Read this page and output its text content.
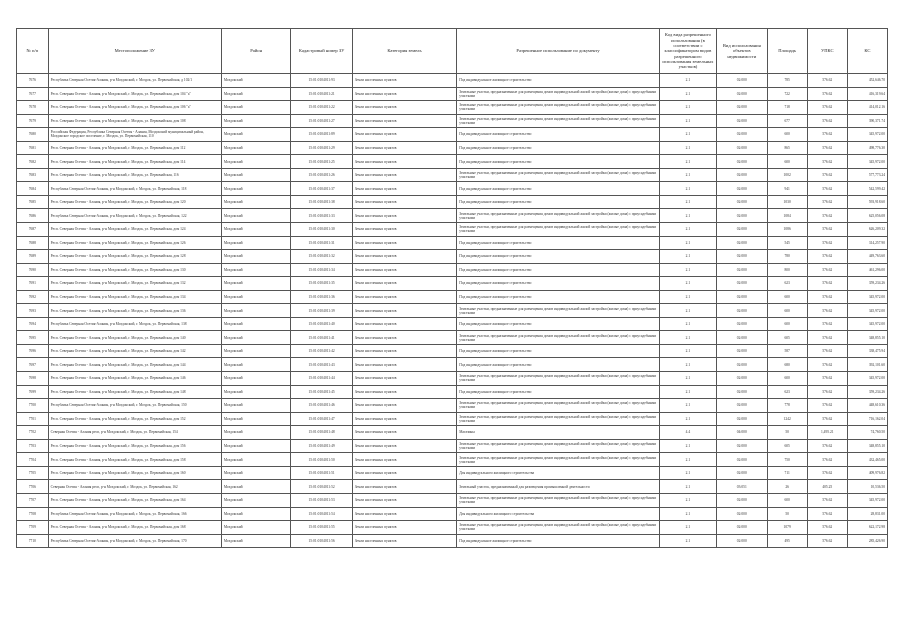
№ п/п	Местоположение ЗУ	Район	Кадастровый номер ЗУ	Категория земель	Разрешенное использование по документу	Код вида разрешенного использования (в соответствии с классификатором видов разрешенного использования земельных участков)	Вид использования объектов недвижимости	Площадь	УПКС	КС
7676	Республика Северная Осетия-Алания, р-н Моздокский, г. Моздок, ул. Первомайская, д 102/1	Моздокский	15:01:0104011:93	Земли населенных пунктов	Под индивидуальное жилищное строительство	2.1	02:000	785	576.62	452,646.70
7677	Респ. Северная Осетия - Алания, р-н Моздокский, г. Моздок, ул. Первомайская, дом 104 "а"	Моздокский	15:01:0104011:21	Земли населенных пунктов	Земельные участки, предназначенные для размещения домов индивидуальной жилой застройки (жилые дома) с приусадебными участками	2.1	02:000	722	576.62	416,319.64
7678	Респ. Северная Осетия - Алания, р-н Моздокский, г. Моздок, ул. Первомайская, дом 106 "а"	Моздокский	15:01:0104011:22	Земли населенных пунктов	Земельные участки, предназначенные для размещения домов индивидуальной жилой застройки (жилые дома) с приусадебными участками	2.1	02:000	718	576.62	414,012.16
7679	Респ. Северная Осетия - Алания, р-н Моздокский, г. Моздок, ул. Первомайская, дом 108	Моздокский	15:01:0104011:27	Земли населенных пунктов	Земельные участки, предназначенные для размещения домов индивидуальной жилой застройки (жилые дома) с приусадебными участками	2.1	02:000	677	576.62	390,371.74
7680	Российская Федерация, Республика Северная Осетия - Алания, Моздокский муниципальный район, Моздокское городское поселение, г. Моздок, ул. Первомайская, 110	Моздокский	15:01:0104011:89	Земли населенных пунктов	Под индивидуальное жилищное строительство	2.1	02:000	600	576.62	345,972.00
7681	Респ. Северная Осетия - Алания, р-н Моздокский, г. Моздок, ул. Первомайская, дом 112	Моздокский	15:01:0104011:29	Земли населенных пунктов	Под индивидуальное жилищное строительство	2.1	02:000	865	576.62	498,776.30
7682	Респ. Северная Осетия - Алания, р-н Моздокский, г. Моздок, ул. Первомайская, дом 114	Моздокский	15:01:0104011:25	Земли населенных пунктов	Под индивидуальное жилищное строительство	2.1	02:000	600	576.62	345,972.00
7683	Респ. Северная Осетия - Алания, р-н Моздокский, г. Моздок, ул. Первомайская, 116	Моздокский	15:01:0104011:26	Земли населенных пунктов	Земельные участки, предназначенные для размещения домов индивидуальной жилой застройки (жилые дома) с приусадебными участками	2.1	02:000	1002	576.62	577,773.24
7684	Республика Северная Осетия-Алания, р-н Моздокский, г. Моздок, ул. Первомайская, 118	Моздокский	15:01:0104011:37	Земли населенных пунктов	Под индивидуальное жилищное строительство	2.1	02:000	941	576.62	542,599.42
7685	Респ. Северная Осетия - Алания, р-н Моздокский, г. Моздок, ул. Первомайская, дом 120	Моздокский	15:01:0104011:38	Земли населенных пунктов	Под индивидуальное жилищное строительство	2.1	02:000	1030	576.62	593,918.60
7686	Республика Северная Осетия-Алания, р-н Моздокский, г. Моздок, ул. Первомайская, 122	Моздокский	15:01:0104011:33	Земли населенных пунктов	Земельные участки, предназначенные для размещения домов индивидуальной жилой застройки (жилые дома) с приусадебными участками	2.1	02:000	1084	576.62	625,056.08
7687	Респ. Северная Осетия - Алания, р-н Моздокский, г. Моздок, ул. Первомайская, дом 124	Моздокский	15:01:0104011:30	Земли населенных пунктов	Земельные участки, предназначенные для размещения домов индивидуальной жилой застройки (жилые дома) с приусадебными участками	2.1	02:000	1086	576.62	626,209.32
7688	Респ. Северная Осетия - Алания, р-н Моздокский, г. Моздок, ул. Первомайская, дом 126	Моздокский	15:01:0104011:31	Земли населенных пунктов	Под индивидуальное жилищное строительство	2.1	02:000	545	576.62	314,257.90
7689	Респ. Северная Осетия - Алания, р-н Моздокский, г. Моздок, ул. Первомайская, дом 128	Моздокский	15:01:0104011:32	Земли населенных пунктов	Под индивидуальное жилищное строительство	2.1	02:000	780	576.62	449,763.60
7690	Респ. Северная Осетия - Алания, р-н Моздокский, г. Моздок, ул. Первомайская, дом 130	Моздокский	15:01:0104011:34	Земли населенных пунктов	Под индивидуальное жилищное строительство	2.1	02:000	800	576.62	461,296.00
7691	Респ. Северная Осетия - Алания, р-н Моздокский, г. Моздок, ул. Первомайская, дом 132	Моздокский	15:01:0104011:35	Земли населенных пунктов	Под индивидуальное жилищное строительство	2.1	02:000	623	576.62	359,234.26
7692	Респ. Северная Осетия - Алания, р-н Моздокский, г. Моздок, ул. Первомайская, дом 134	Моздокский	15:01:0104011:36	Земли населенных пунктов	Под индивидуальное жилищное строительство	2.1	02:000	600	576.62	345,972.00
7693	Респ. Северная Осетия - Алания, р-н Моздокский, г. Моздок, ул. Первомайская, дом 136	Моздокский	15:01:0104011:39	Земли населенных пунктов	Земельные участки, предназначенные для размещения домов индивидуальной жилой застройки (жилые дома) с приусадебными участками	2.1	02:000	600	576.62	345,972.00
7694	Республика Северная Осетия-Алания, р-н Моздокский, г. Моздок, ул. Первомайская, 138	Моздокский	15:01:0104011:40	Земли населенных пунктов	Под индивидуальное жилищное строительство	2.1	02:000	600	576.62	345,972.00
7695	Респ. Северная Осетия - Алания, р-н Моздокский, г. Моздок, ул. Первомайская, дом 140	Моздокский	15:01:0104011:41	Земли населенных пунктов	Земельные участки, предназначенные для размещения домов индивидуальной жилой застройки (жилые дома) с приусадебными участками	2.1	02:000	605	576.62	348,855.10
7696	Респ. Северная Осетия - Алания, р-н Моздокский, г. Моздок, ул. Первомайская, дом 142	Моздокский	15:01:0104011:42	Земли населенных пунктов	Под индивидуальное жилищное строительство	2.1	02:000	587	576.62	338,475.94
7697	Респ. Северная Осетия - Алания, р-н Моздокский, г. Моздок, ул. Первомайская, дом 144	Моздокский	15:01:0104011:43	Земли населенных пунктов	Под индивидуальное жилищное строительство	2.1	02:000	680	576.62	392,101.60
7698	Респ. Северная Осетия - Алания, р-н Моздокский, г. Моздок, ул. Первомайская, дом 146	Моздокский	15:01:0104011:44	Земли населенных пунктов	Земельные участки, предназначенные для размещения домов индивидуальной жилой застройки (жилые дома) с приусадебными участками	2.1	02:000	600	576.62	345,972.00
7699	Респ. Северная Осетия - Алания, р-н Моздокский, г. Моздок, ул. Первомайская, дом 148	Моздокский	15:01:0104011:45	Земли населенных пунктов	Под индивидуальное жилищное строительство	2.1	02:000	623	576.62	359,234.26
7700	Республика Северная Осетия-Алания, р-н Моздокский, г. Моздок, ул. Первомайская, 150	Моздокский	15:01:0104011:46	Земли населенных пунктов	Земельные участки, предназначенные для размещения домов индивидуальной жилой застройки (жилые дома) с приусадебными участками	2.1	02:000	778	576.62	448,610.36
7701	Респ. Северная Осетия - Алания, р-н Моздокский, г. Моздок, ул. Первомайская, дом 152	Моздокский	15:01:0104011:47	Земли населенных пунктов	Земельные участки, предназначенные для размещения домов индивидуальной жилой застройки (жилые дома) с приусадебными участками	2.1	02:000	1242	576.62	716,162.04
7702	Северная Осетия - Алания респ, р-н Моздокский, г. Моздок, ул. Первомайская, 154	Моздокский	15:01:0104011:48	Земли населенных пунктов	Магазины	4.4	04:000	50	1,495.21	74,760.50
7703	Респ. Северная Осетия - Алания, р-н Моздокский, г. Моздок, ул. Первомайская, дом 156	Моздокский	15:01:0104011:49	Земли населенных пунктов	Земельные участки, предназначенные для размещения домов индивидуальной жилой застройки (жилые дома) с приусадебными участками	2.1	02:000	605	576.62	348,855.10
7704	Респ. Северная Осетия - Алания, р-н Моздокский, г. Моздок, ул. Первомайская, дом 158	Моздокский	15:01:0104011:50	Земли населенных пунктов	Земельные участки, предназначенные для размещения домов индивидуальной жилой застройки (жилые дома) с приусадебными участками	2.1	02:000	750	576.62	432,465.00
7705	Респ. Северная Осетия - Алания, р-н Моздокский, г. Моздок, ул. Первомайская, дом 160	Моздокский	15:01:0104011:51	Земли населенных пунктов	Для индивидуального жилищного строительства	2.1	02:000	711	576.62	409,976.82
7706	Северная Осетия - Алания респ, р-н Моздокский, г. Моздок, ул. Первомайская, 162	Моздокский	15:01:0104011:52	Земли населенных пунктов	Земельный участок, предназначенный для размещения промышленной деятельности	2.1	03:051	26	405.25	10,536.50
7707	Респ. Северная Осетия - Алания, р-н Моздокский, г. Моздок, ул. Первомайская, дом 164	Моздокский	15:01:0104011:53	Земли населенных пунктов	Земельные участки, предназначенные для размещения домов индивидуальной жилой застройки (жилые дома) с приусадебными участками	2.1	02:000	600	576.62	345,972.00
7708	Республика Северная Осетия-Алания, р-н Моздокский, г. Моздок, ул. Первомайская, 166	Моздокский	15:01:0104011:54	Земли населенных пунктов	Для индивидуального жилищного строительства	2.1	02:000	50	576.62	28,831.00
7709	Респ. Северная Осетия - Алания, р-н Моздокский, г. Моздок, ул. Первомайская, дом 168	Моздокский	15:01:0104011:55	Земли населенных пунктов	Земельные участки, предназначенные для размещения домов индивидуальной жилой застройки (жилые дома) с приусадебными участками	2.1	02:000	1079	576.62	622,172.98
7710	Республика Северная Осетия-Алания, р-н Моздокский, г. Моздок, ул. Первомайская, 170	Моздокский	15:01:0104011:56	Земли населенных пунктов	Под индивидуальное жилищное строительство	2.1	02:000	495	576.62	285,426.90
